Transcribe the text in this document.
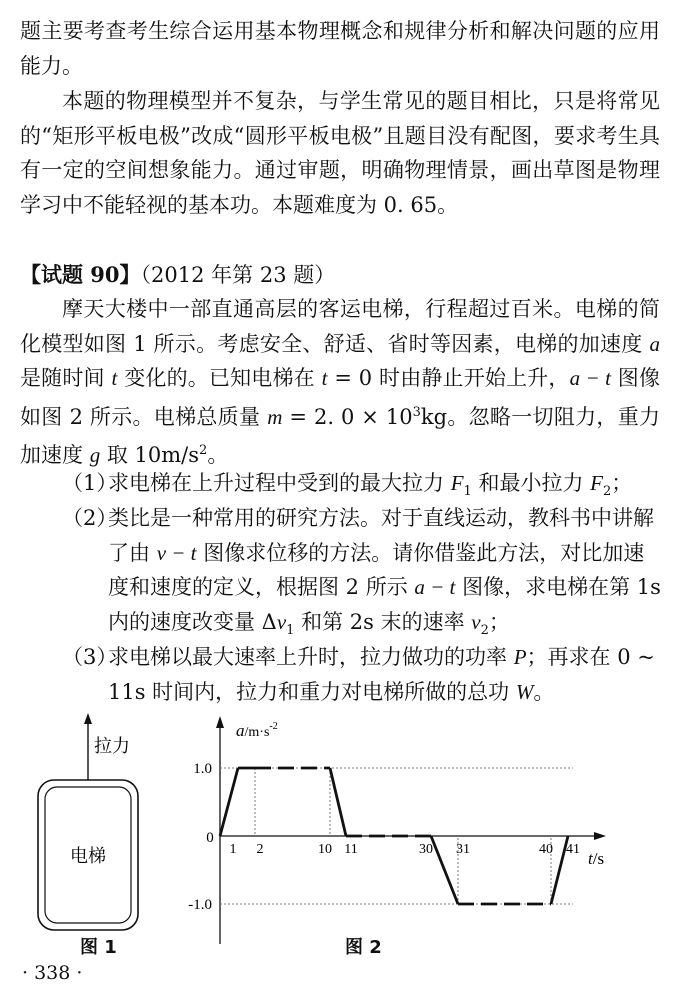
题主要考查考生综合运用基本物理概念和规律分析和解决问题的应用能力。

本题的物理模型并不复杂，与学生常见的题目相比，只是将常见的“矩形平板电极”改成“圆形平板电极”且题目没有配图，要求考生具有一定的空间想象能力。通过审题，明确物理情景，画出草图是物理学习中不能轻视的基本功。本题难度为 0. 65。

【试题 90】（2012 年第 23 题）

摩天大楼中一部直通高层的客运电梯，行程超过百米。电梯的简化模型如图 1 所示。考虑安全、舒适、省时等因素，电梯的加速度 a 是随时间 t 变化的。已知电梯在 t = 0 时由静止开始上升，a − t 图像如图 2 所示。电梯总质量 m = 2. $0 \times 10^3kg$。忽略一切阻力，重力加速度 g 取 $10m/s^2$。

（1）
求电梯在上升过程中受到的最大拉力 $F_1$ 和最小拉力 $F_2$；
（2）
类比是一种常用的研究方法。对于直线运动，教科书中讲解了由 v − t 图像求位移的方法。请你借鉴此方法，对比加速度和速度的定义，根据图 2 所示 a − t 图像，求电梯在第 1s 内的速度改变量 $\Delta v_1$ 和第 2s 末的速率 $v_2$；
（3）
求电梯以最大速率上升时，拉力做功的功率 P；再求在 0 ~ 11s 时间内，拉力和重力对电梯所做的总功 W。
拉力
电梯
图 1
$a/m\cdot s^{-2}$
t/s
0
1.0
-1.0
1 2	10 11	30 31	40 41
图 2
· 338 ·
